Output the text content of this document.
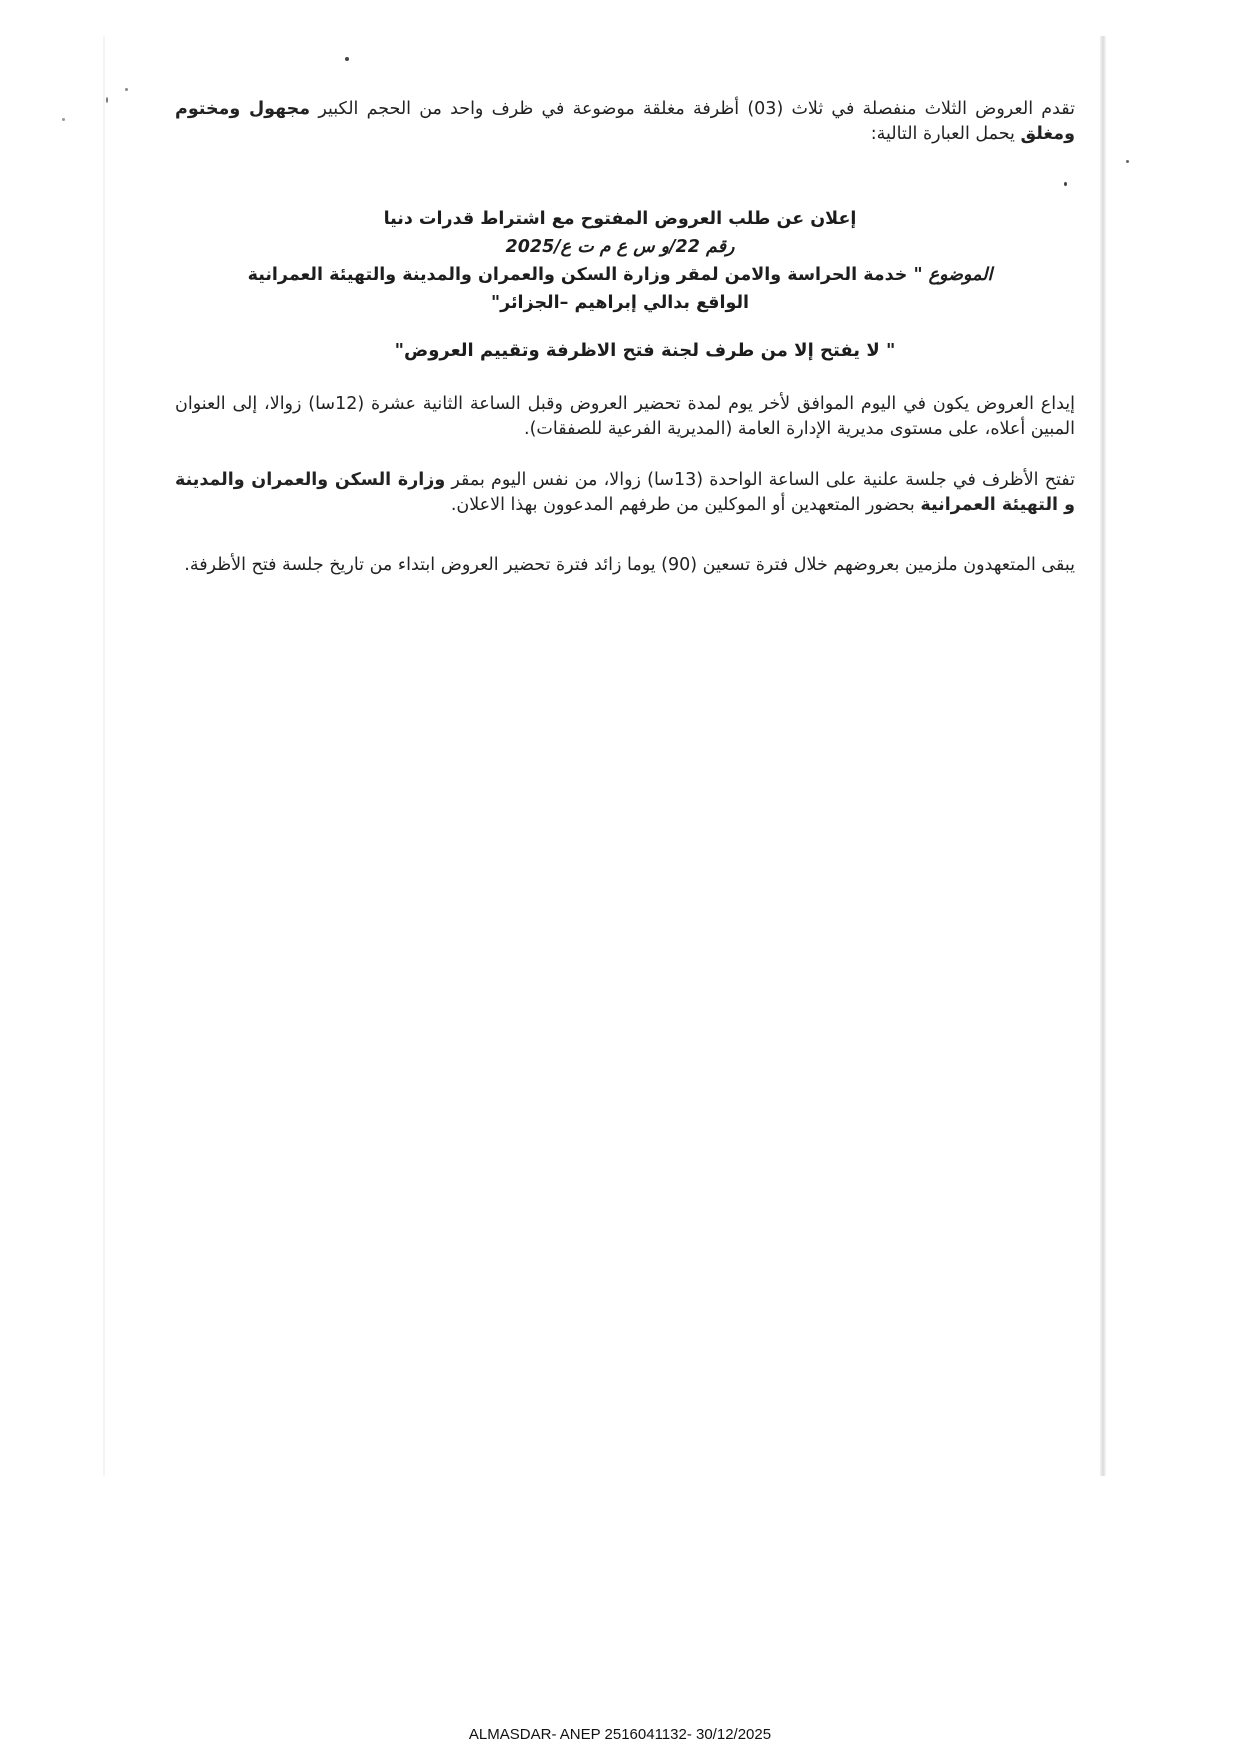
تقدم العروض الثلاث منفصلة في ثلاث (03) أظرفة مغلقة موضوعة في ظرف واحد من الحجم الكبير مجهول ومختوم ومغلق يحمل العبارة التالية:
إعلان عن طلب العروض المفتوح مع اشتراط قدرات دنيا
رقم 22/و س ع م ت ع/2025
الموضوع " خدمة الحراسة والامن لمقر وزارة السكن والعمران والمدينة والتهيئة العمرانية
الواقع بدالي إبراهيم –الجزائر"
" لا يفتح إلا من طرف لجنة فتح الاظرفة وتقييم العروض"
إيداع العروض يكون في اليوم الموافق لأخر يوم لمدة تحضير العروض وقبل الساعة الثانية عشرة (12سا) زوالا، إلى العنوان المبين أعلاه، على مستوى مديرية الإدارة العامة (المديرية الفرعية للصفقات).
تفتح الأظرف في جلسة علنية على الساعة الواحدة (13سا) زوالا، من نفس اليوم بمقر وزارة السكن والعمران والمدينة و التهيئة العمرانية بحضور المتعهدين أو الموكلين من طرفهم المدعوون بهذا الاعلان.
يبقى المتعهدون ملزمين بعروضهم خلال فترة تسعين (90) يوما زائد فترة تحضير العروض ابتداء من تاريخ جلسة فتح الأظرفة.
ALMASDAR- ANEP 2516041132- 30/12/2025
